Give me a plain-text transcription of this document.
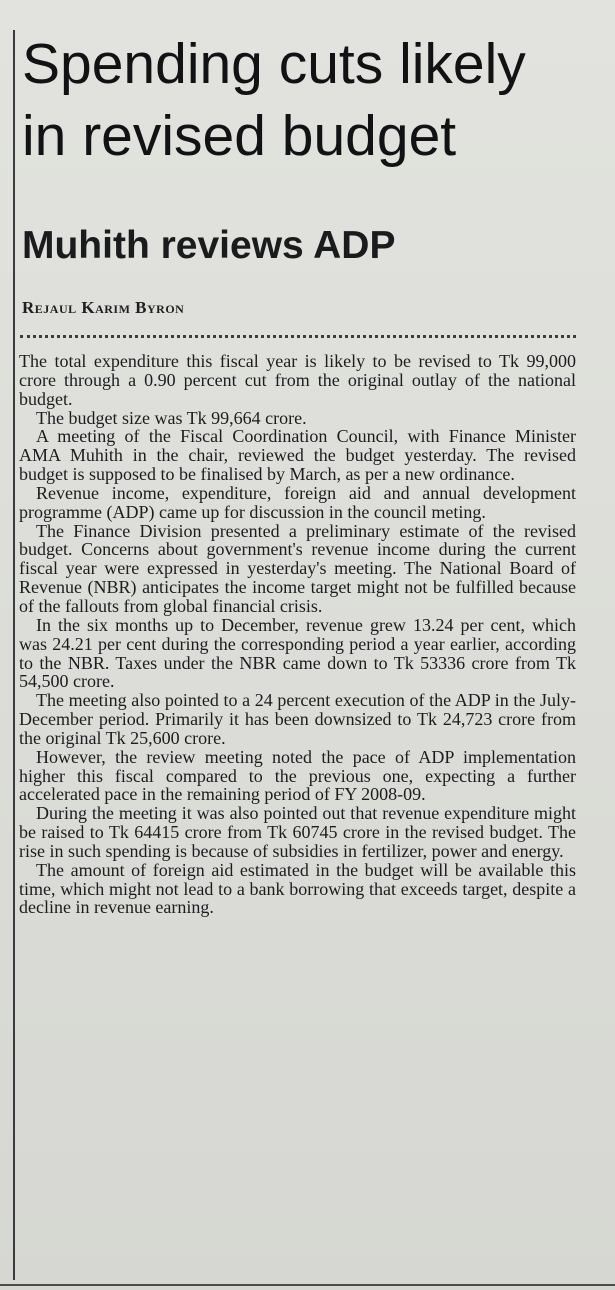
Spending cuts likely
in revised budget
Muhith reviews ADP
Rejaul Karim Byron

The total expenditure this fiscal year is likely to be revised to Tk 99,000 crore through a 0.90 percent cut from the original outlay of the national budget.

The budget size was Tk 99,664 crore.

A meeting of the Fiscal Coordination Council, with Finance Minister AMA Muhith in the chair, reviewed the budget yesterday. The revised budget is supposed to be finalised by March, as per a new ordinance.

Revenue income, expenditure, foreign aid and annual development programme (ADP) came up for discussion in the council meting.

The Finance Division presented a preliminary estimate of the revised budget. Concerns about government's revenue income during the current fiscal year were expressed in yesterday's meeting. The National Board of Revenue (NBR) anticipates the income target might not be fulfilled because of the fallouts from global financial crisis.

In the six months up to December, revenue grew 13.24 per cent, which was 24.21 per cent during the corresponding period a year earlier, according to the NBR. Taxes under the NBR came down to Tk 53336 crore from Tk 54,500 crore.

The meeting also pointed to a 24 percent execution of the ADP in the July-December period. Primarily it has been downsized to Tk 24,723 crore from the original Tk 25,600 crore.

However, the review meeting noted the pace of ADP implementation higher this fiscal compared to the previous one, expecting a further accelerated pace in the remaining period of FY 2008-09.

During the meeting it was also pointed out that revenue expenditure might be raised to Tk 64415 crore from Tk 60745 crore in the revised budget. The rise in such spending is because of subsidies in fertilizer, power and energy.

The amount of foreign aid estimated in the budget will be available this time, which might not lead to a bank borrowing that exceeds target, despite a decline in revenue earning.
